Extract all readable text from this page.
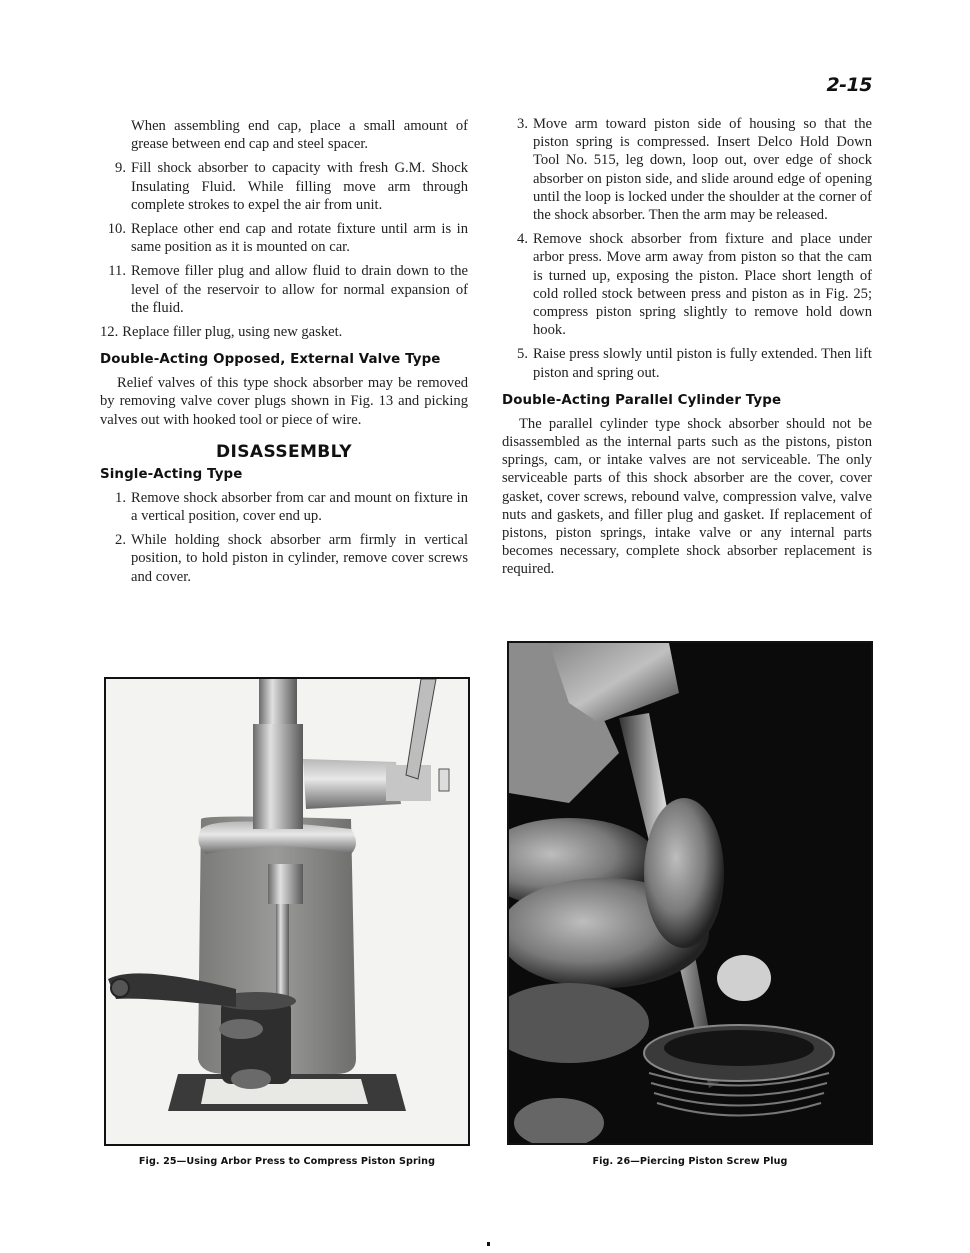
2-15

When assembling end cap, place a small amount of grease between end cap and steel spacer.

9. Fill shock absorber to capacity with fresh G.M. Shock Insulating Fluid. While filling move arm through complete strokes to expel the air from unit.
10. Replace other end cap and rotate fixture until arm is in same position as it is mounted on car.
11. Remove filler plug and allow fluid to drain down to the level of the reservoir to allow for normal expansion of the fluid.
12. Replace filler plug, using new gasket.
Double-Acting Opposed, External Valve Type

Relief valves of this type shock absorber may be removed by removing valve cover plugs shown in Fig. 13 and picking valves out with hooked tool or piece of wire.

DISASSEMBLY
Single-Acting Type
1. Remove shock absorber from car and mount on fixture in a vertical position, cover end up.
2. While holding shock absorber arm firmly in vertical position, to hold piston in cylinder, remove cover screws and cover.
3. Move arm toward piston side of housing so that the piston spring is compressed. Insert Delco Hold Down Tool No. 515, leg down, loop out, over edge of shock absorber on piston side, and slide around edge of opening until the loop is locked under the shoulder at the corner of the shock absorber. Then the arm may be released.
4. Remove shock absorber from fixture and place under arbor press. Move arm away from piston so that the cam is turned up, exposing the piston. Place short length of cold rolled stock between press and piston as in Fig. 25; compress piston spring slightly to remove hold down hook.
5. Raise press slowly until piston is fully extended. Then lift piston and spring out.
Double-Acting Parallel Cylinder Type

The parallel cylinder type shock absorber should not be disassembled as the internal parts such as the pistons, piston springs, cam, or intake valves are not serviceable. The only serviceable parts of this shock absorber are the cover, cover gasket, cover screws, rebound valve, compression valve, valve nuts and gaskets, and filler plug and gasket. If replacement of pistons, piston springs, intake valve or any internal parts becomes necessary, complete shock absorber replacement is required.

Fig. 25—Using Arbor Press to Compress Piston Spring	Fig. 26—Piercing Piston Screw Plug
